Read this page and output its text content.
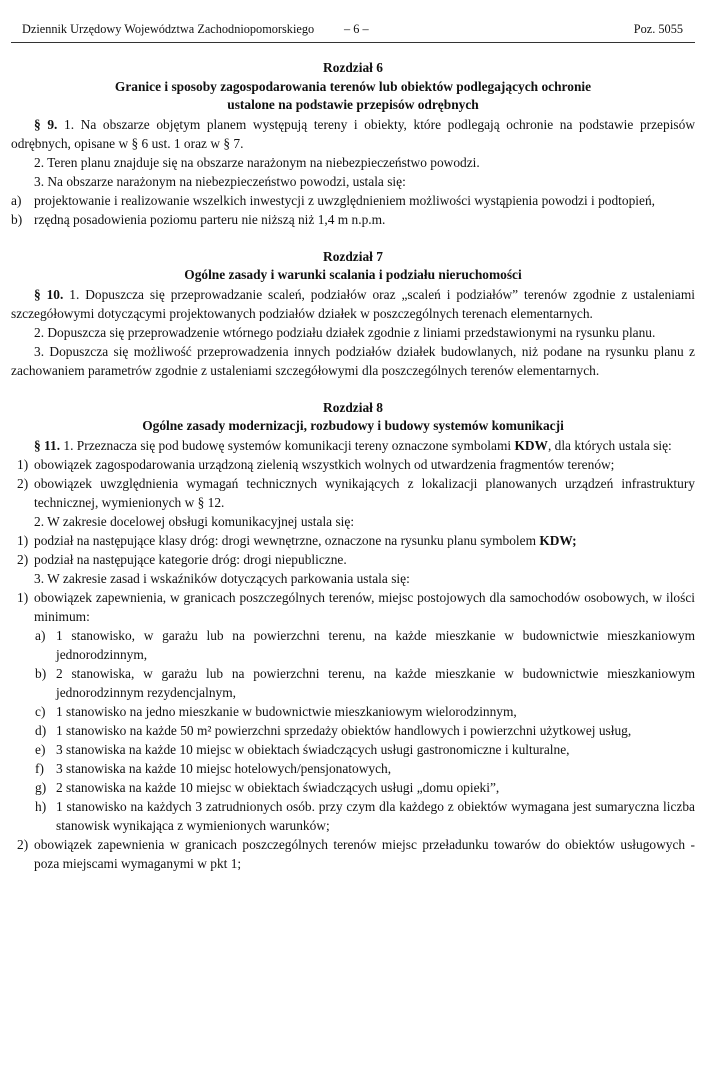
Dziennik Urzędowy Województwa Zachodniopomorskiego – 6 –	Poz. 5055

Rozdział 6

Granice i sposoby zagospodarowania terenów lub obiektów podlegających ochronie

ustalone na podstawie przepisów odrębnych

§ 9. 1. Na obszarze objętym planem występują tereny i obiekty, które podlegają ochronie na podstawie przepisów odrębnych, opisane w § 6 ust. 1 oraz w § 7.

2. Teren planu znajduje się na obszarze narażonym na niebezpieczeństwo powodzi.

3. Na obszarze narażonym na niebezpieczeństwo powodzi, ustala się:

a) projektowanie i realizowanie wszelkich inwestycji z uwzględnieniem możliwości wystąpienia powodzi i podtopień,
b) rzędną posadowienia poziomu parteru nie niższą niż 1,4 m n.p.m.

Rozdział 7

Ogólne zasady i warunki scalania i podziału nieruchomości

§ 10. 1. Dopuszcza się przeprowadzanie scaleń, podziałów oraz „scaleń i podziałów” terenów zgodnie z ustaleniami szczegółowymi dotyczącymi projektowanych podziałów działek w poszczególnych terenach elementarnych.

2. Dopuszcza się przeprowadzenie wtórnego podziału działek zgodnie z liniami przedstawionymi na rysunku planu.

3. Dopuszcza się możliwość przeprowadzenia innych podziałów działek budowlanych, niż podane na rysunku planu z zachowaniem parametrów zgodnie z ustaleniami szczegółowymi dla poszczególnych terenów elementarnych.

Rozdział 8

Ogólne zasady modernizacji, rozbudowy i budowy systemów komunikacji

§ 11. 1. Przeznacza się pod budowę systemów komunikacji tereny oznaczone symbolami KDW, dla których ustala się:

1) obowiązek zagospodarowania urządzoną zielenią wszystkich wolnych od utwardzenia fragmentów terenów;
2) obowiązek uwzględnienia wymagań technicznych wynikających z lokalizacji planowanych urządzeń infrastruktury technicznej, wymienionych w § 12.

2. W zakresie docelowej obsługi komunikacyjnej ustala się:

1) podział na następujące klasy dróg: drogi wewnętrzne, oznaczone na rysunku planu symbolem KDW;
2) podział na następujące kategorie dróg: drogi niepubliczne.

3. W zakresie zasad i wskaźników dotyczących parkowania ustala się:

1) obowiązek zapewnienia, w granicach poszczególnych terenów, miejsc postojowych dla samochodów osobowych, w ilości minimum:
a) 1 stanowisko, w garażu lub na powierzchni terenu, na każde mieszkanie w budownictwie mieszkaniowym jednorodzinnym,
b) 2 stanowiska, w garażu lub na powierzchni terenu, na każde mieszkanie w budownictwie mieszkaniowym jednorodzinnym rezydencjalnym,
c) 1 stanowisko na jedno mieszkanie w budownictwie mieszkaniowym wielorodzinnym,
d) 1 stanowisko na każde 50 m² powierzchni sprzedaży obiektów handlowych i powierzchni użytkowej usług,
e) 3 stanowiska na każde 10 miejsc w obiektach świadczących usługi gastronomiczne i kulturalne,
f) 3 stanowiska na każde 10 miejsc hotelowych/pensjonatowych,
g) 2 stanowiska na każde 10 miejsc w obiektach świadczących usługi „domu opieki”,
h) 1 stanowisko na każdych 3 zatrudnionych osób. przy czym dla każdego z obiektów wymagana jest sumaryczna liczba stanowisk wynikająca z wymienionych warunków;
2) obowiązek zapewnienia w granicach poszczególnych terenów miejsc przeładunku towarów do obiektów usługowych - poza miejscami wymaganymi w pkt 1;
